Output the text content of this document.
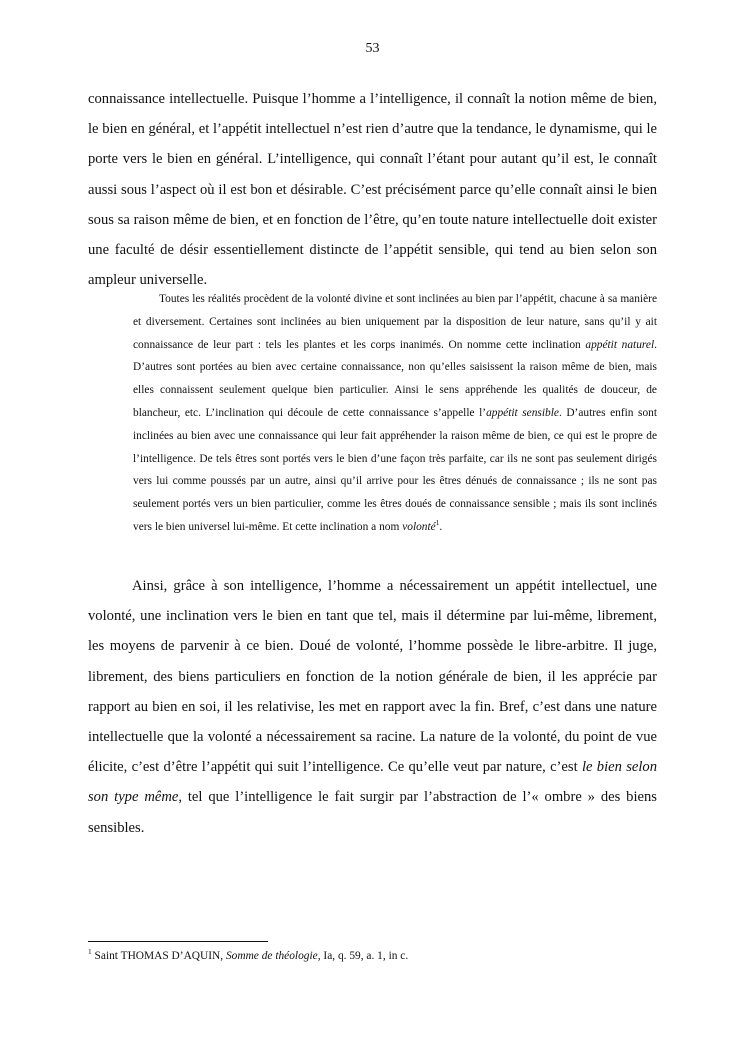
53

connaissance intellectuelle. Puisque l’homme a l’intelligence, il connaît la notion même de bien, le bien en général, et l’appétit intellectuel n’est rien d’autre que la tendance, le dynamisme, qui le porte vers le bien en général. L’intelligence, qui connaît l’étant pour autant qu’il est, le connaît aussi sous l’aspect où il est bon et désirable. C’est précisément parce qu’elle connaît ainsi le bien sous sa raison même de bien, et en fonction de l’être, qu’en toute nature intellectuelle doit exister une faculté de désir essentiellement distincte de l’appétit sensible, qui tend au bien selon son ampleur universelle.

Toutes les réalités procèdent de la volonté divine et sont inclinées au bien par l’appétit, chacune à sa manière et diversement. Certaines sont inclinées au bien uniquement par la disposition de leur nature, sans qu’il y ait connaissance de leur part : tels les plantes et les corps inanimés. On nomme cette inclination appétit naturel. D’autres sont portées au bien avec certaine connaissance, non qu’elles saisissent la raison même de bien, mais elles connaissent seulement quelque bien particulier. Ainsi le sens appréhende les qualités de douceur, de blancheur, etc. L’inclination qui découle de cette connaissance s’appelle l’appétit sensible. D’autres enfin sont inclinées au bien avec une connaissance qui leur fait appréhender la raison même de bien, ce qui est le propre de l’intelligence. De tels êtres sont portés vers le bien d’une façon très parfaite, car ils ne sont pas seulement dirigés vers lui comme poussés par un autre, ainsi qu’il arrive pour les êtres dénués de connaissance ; ils ne sont pas seulement portés vers un bien particulier, comme les êtres doués de connaissance sensible ; mais ils sont inclinés vers le bien universel lui-même. Et cette inclination a nom volonté$^1$.

Ainsi, grâce à son intelligence, l’homme a nécessairement un appétit intellectuel, une volonté, une inclination vers le bien en tant que tel, mais il détermine par lui-même, librement, les moyens de parvenir à ce bien. Doué de volonté, l’homme possède le libre-arbitre. Il juge, librement, des biens particuliers en fonction de la notion générale de bien, il les apprécie par rapport au bien en soi, il les relativise, les met en rapport avec la fin. Bref, c’est dans une nature intellectuelle que la volonté a nécessairement sa racine. La nature de la volonté, du point de vue élicite, c’est d’être l’appétit qui suit l’intelligence. Ce qu’elle veut par nature, c’est le bien selon son type même, tel que l’intelligence le fait surgir par l’abstraction de l’« ombre » des biens sensibles.

$^1$ Saint THOMAS D’AQUIN, Somme de théologie, Ia, q. 59, a. 1, in c.
